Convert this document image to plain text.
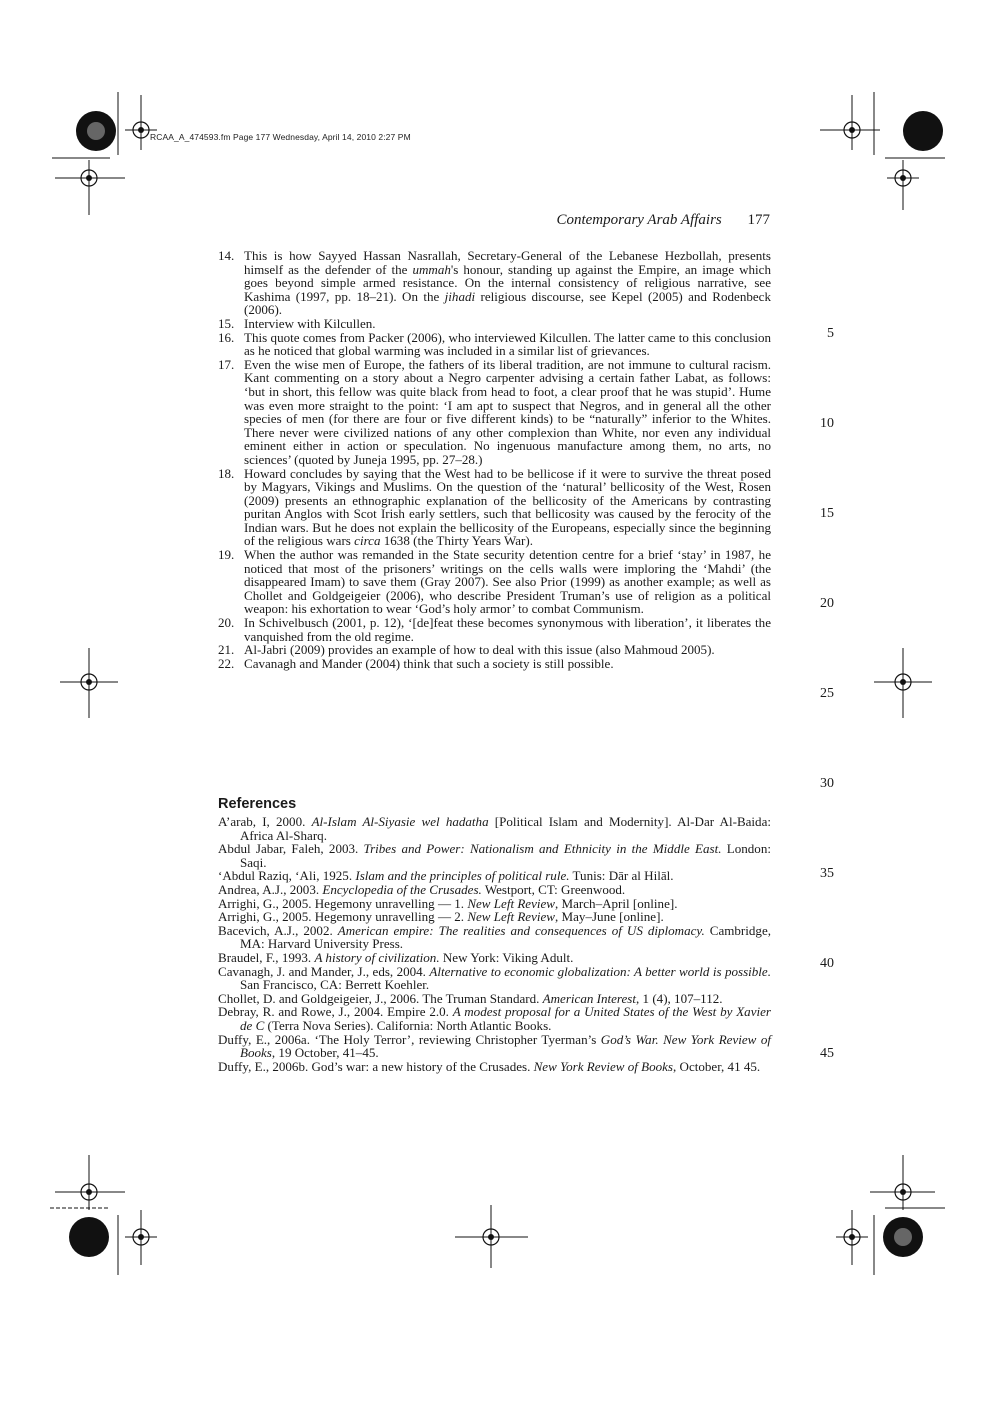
RCAA_A_474593.fm Page 177 Wednesday, April 14, 2010 2:27 PM
Contemporary Arab Affairs 177
14. This is how Sayyed Hassan Nasrallah, Secretary-General of the Lebanese Hezbollah, presents himself as the defender of the ummah's honour, standing up against the Empire, an image which goes beyond simple armed resistance. On the internal consistency of religious narrative, see Kashima (1997, pp. 18–21). On the jihadi religious discourse, see Kepel (2005) and Rodenbeck (2006).
15. Interview with Kilcullen.
16. This quote comes from Packer (2006), who interviewed Kilcullen. The latter came to this conclusion as he noticed that global warming was included in a similar list of grievances.
17. Even the wise men of Europe, the fathers of its liberal tradition, are not immune to cultural racism. Kant commenting on a story about a Negro carpenter advising a certain father Labat, as follows: ‘but in short, this fellow was quite black from head to foot, a clear proof that he was stupid’. Hume was even more straight to the point: ‘I am apt to suspect that Negros, and in general all the other species of men (for there are four or five different kinds) to be “naturally” inferior to the Whites. There never were civilized nations of any other complexion than White, nor even any individual eminent either in action or speculation. No ingenuous manufacture among them, no arts, no sciences’ (quoted by Juneja 1995, pp. 27–28.)
18. Howard concludes by saying that the West had to be bellicose if it were to survive the threat posed by Magyars, Vikings and Muslims. On the question of the ‘natural’ bellicosity of the West, Rosen (2009) presents an ethnographic explanation of the bellicosity of the Americans by contrasting puritan Anglos with Scot Irish early settlers, such that bellicosity was caused by the ferocity of the Indian wars. But he does not explain the bellicosity of the Europeans, especially since the beginning of the religious wars circa 1638 (the Thirty Years War).
19. When the author was remanded in the State security detention centre for a brief ‘stay’ in 1987, he noticed that most of the prisoners’ writings on the cells walls were imploring the ‘Mahdi’ (the disappeared Imam) to save them (Gray 2007). See also Prior (1999) as another example; as well as Chollet and Goldgeigeier (2006), who describe President Truman’s use of religion as a political weapon: his exhortation to wear ‘God’s holy armor’ to combat Communism.
20. In Schivelbusch (2001, p. 12), ‘[de]feat these becomes synonymous with liberation’, it liberates the vanquished from the old regime.
21. Al-Jabri (2009) provides an example of how to deal with this issue (also Mahmoud 2005).
22. Cavanagh and Mander (2004) think that such a society is still possible.
References
A’arab, I, 2000. Al-Islam Al-Siyasie wel hadatha [Political Islam and Modernity]. Al-Dar Al-Baida: Africa Al-Sharq.
Abdul Jabar, Faleh, 2003. Tribes and Power: Nationalism and Ethnicity in the Middle East. London: Saqi.
‘Abdul Raziq, ‘Ali, 1925. Islam and the principles of political rule. Tunis: Dār al Hilāl.
Andrea, A.J., 2003. Encyclopedia of the Crusades. Westport, CT: Greenwood.
Arrighi, G., 2005. Hegemony unravelling — 1. New Left Review, March–April [online].
Arrighi, G., 2005. Hegemony unravelling — 2. New Left Review, May–June [online].
Bacevich, A.J., 2002. American empire: The realities and consequences of US diplomacy. Cambridge, MA: Harvard University Press.
Braudel, F., 1993. A history of civilization. New York: Viking Adult.
Cavanagh, J. and Mander, J., eds, 2004. Alternative to economic globalization: A better world is possible. San Francisco, CA: Berrett Koehler.
Chollet, D. and Goldgeigeier, J., 2006. The Truman Standard. American Interest, 1 (4), 107–112.
Debray, R. and Rowe, J., 2004. Empire 2.0. A modest proposal for a United States of the West by Xavier de C (Terra Nova Series). California: North Atlantic Books.
Duffy, E., 2006a. ‘The Holy Terror’, reviewing Christopher Tyerman’s God’s War. New York Review of Books, 19 October, 41–45.
Duffy, E., 2006b. God’s war: a new history of the Crusades. New York Review of Books, October, 41 45.
5
10
15
20
25
30
35
40
45
